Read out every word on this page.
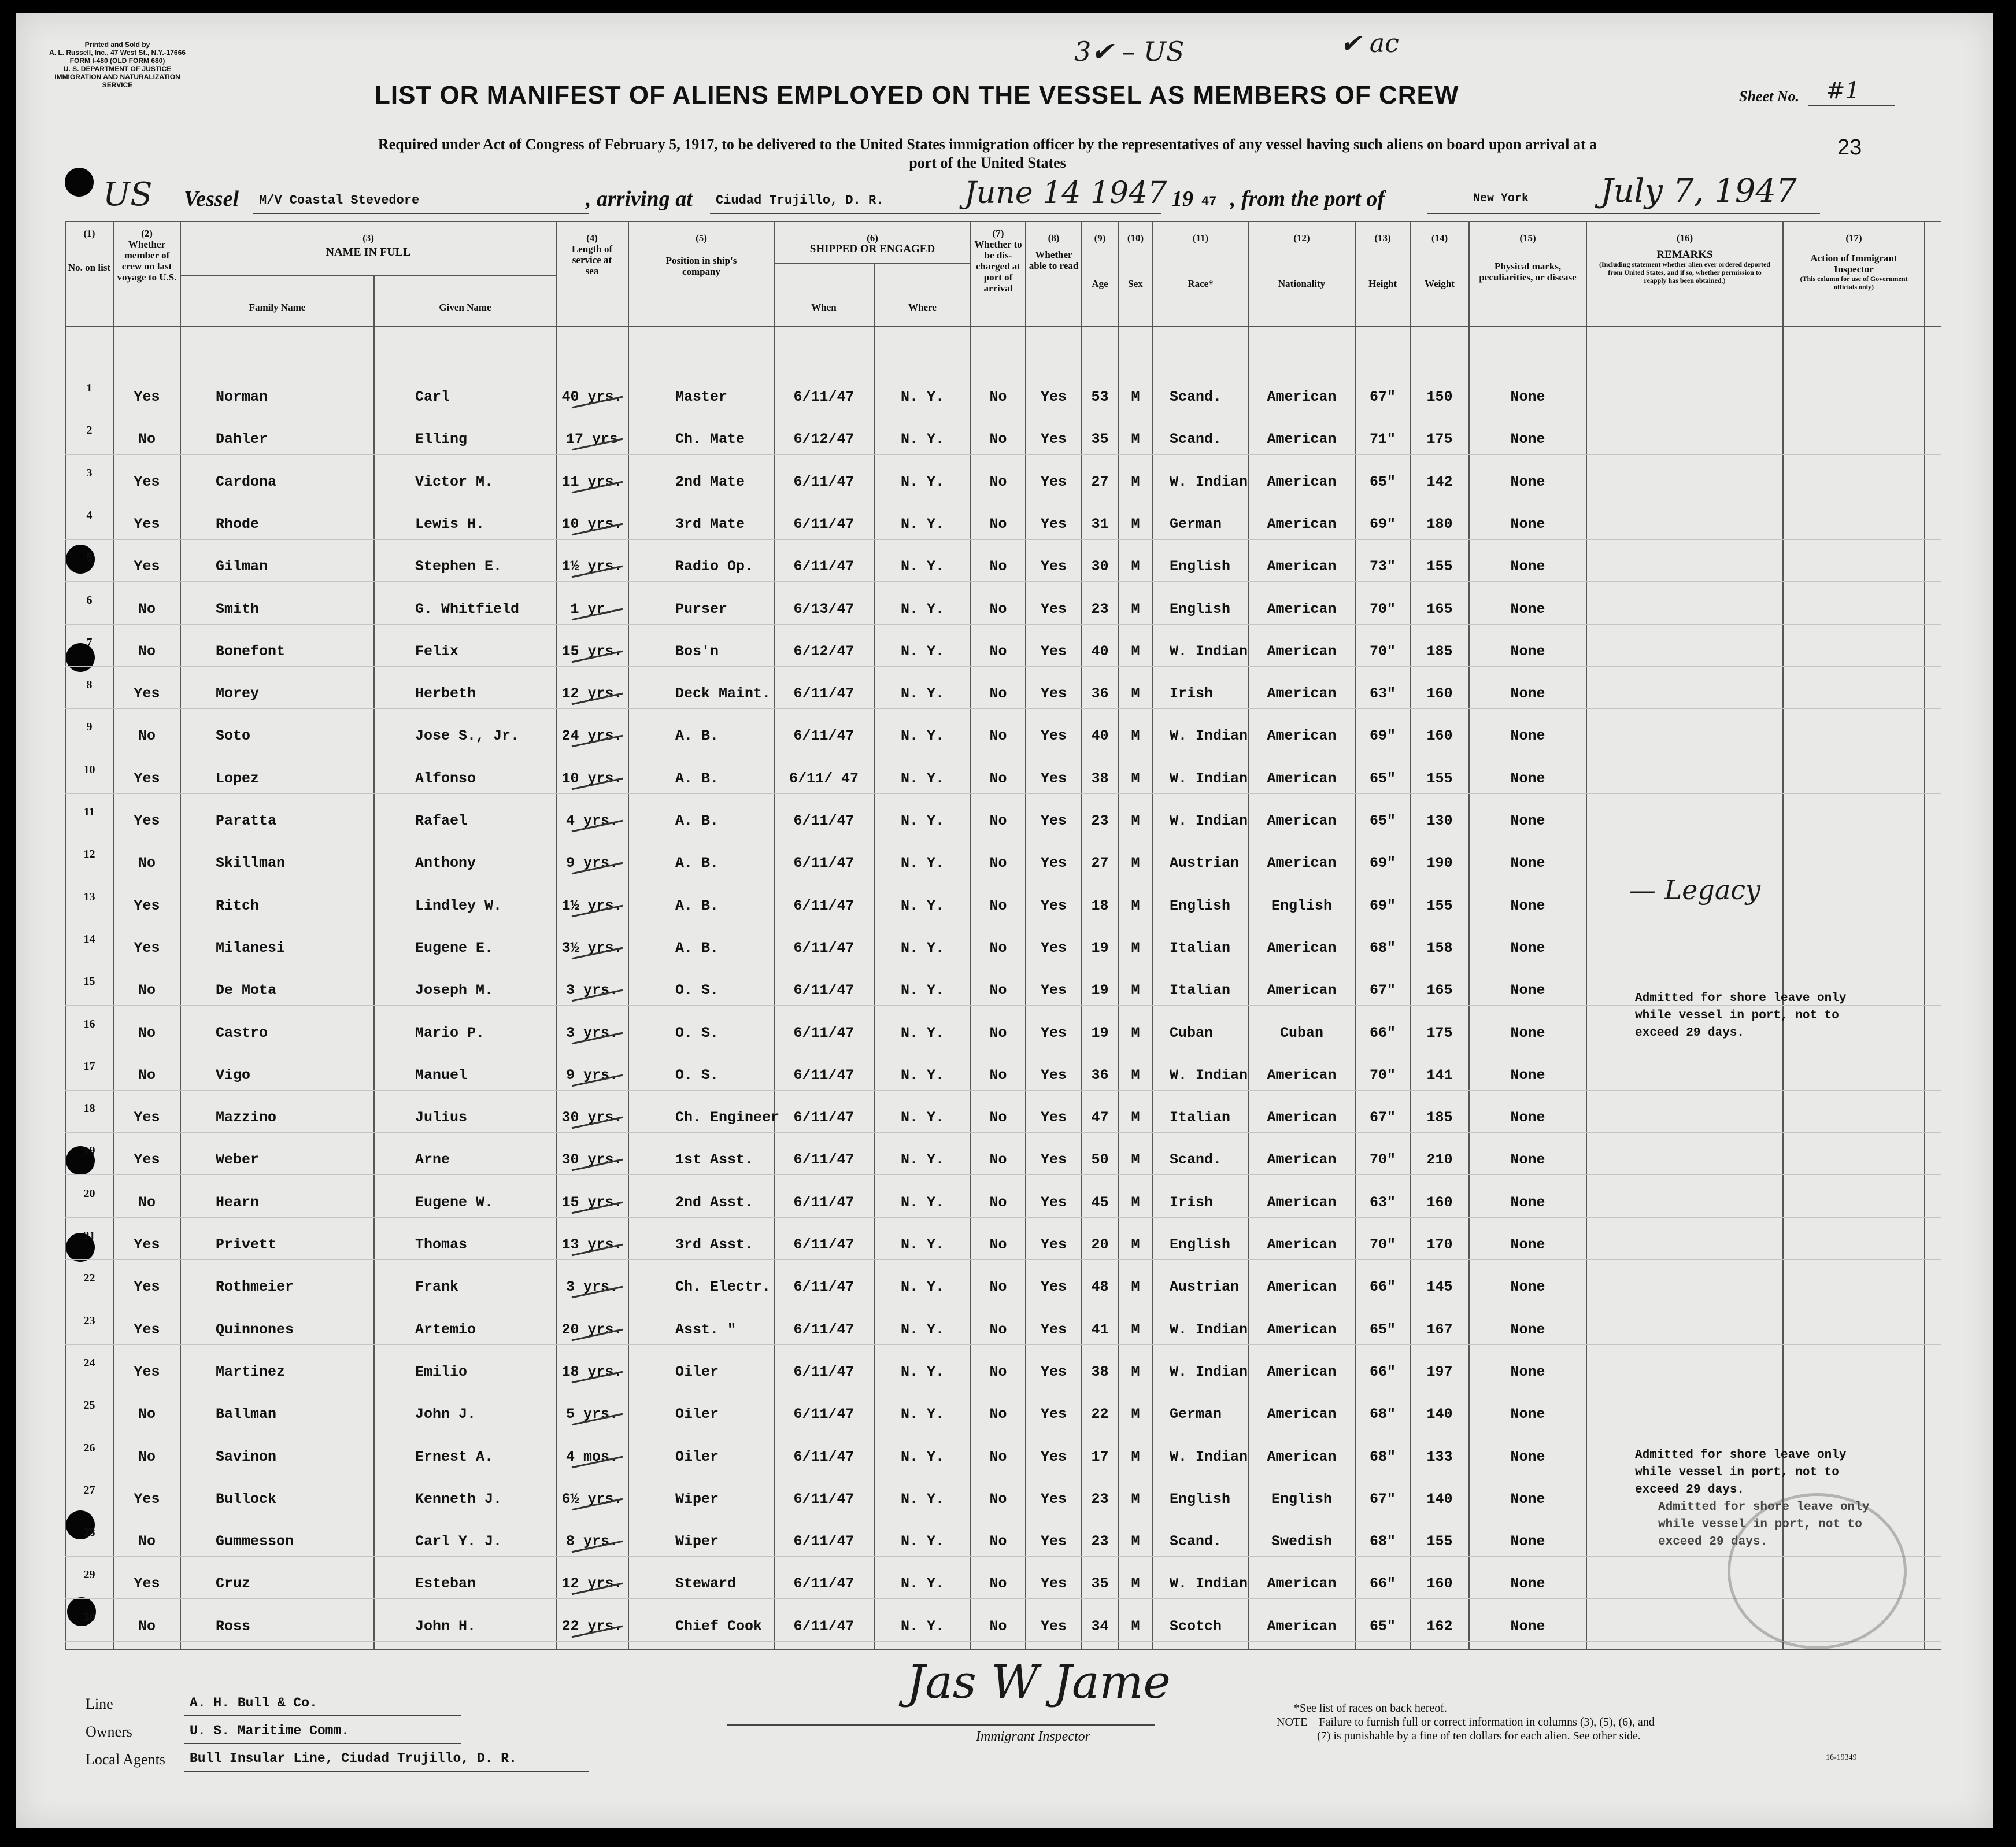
Printed and Sold by
A. L. Russell, Inc., 47 West St., N.Y.-17666
FORM I-480 (OLD FORM 680)
U. S. DEPARTMENT OF JUSTICE
IMMIGRATION AND NATURALIZATION SERVICE
3✔ – US	✔ ac
LIST OR MANIFEST OF ALIENS EMPLOYED ON THE VESSEL AS MEMBERS OF CREW	Sheet No. #1
Required under Act of Congress of February 5, 1917, to be delivered to the United States immigration officer by the representatives of any vessel having such aliens on board upon arrival at a
port of the United States
23
US Vessel M/V Coastal Stevedore	, arriving at Ciudad Trujillo, D. R.	June 14 1947 19 47 , from the port of	New York July 7, 1947
(1)
No. on list
(2)
Whether member of crew on last voyage to U.S.
(3)
NAME IN FULL
Family Name	Given Name
(4)
Length of service at sea
(5)
Position in ship's company
(6)
SHIPPED OR ENGAGED
When	Where
(7)
Whether to be dis-charged at port of arrival
(8)
Whether able to read
(9)
Age
(10)
Sex
(11)
Race*
(12)
Nationality
(13)
Height
(14)
Weight
(15)
Physical marks, peculiarities, or disease
(16)
REMARKS
(Including statement whether alien ever ordered deported from United States, and if so, whether permission to reapply has been obtained.)
(17)
Action of Immigrant Inspector
(This column for use of Government officials only)
1
Yes	Norman	Carl	40 yrs.	Master	6/11/47	N. Y.	No	Yes	53	M	Scand.	American	67"	150	None
2
No	Dahler	Elling	17 yrs	Ch. Mate	6/12/47	N. Y.	No	Yes	35	M	Scand.	American	71"	175	None
3
Yes	Cardona	Victor M.	11 yrs.	2nd Mate	6/11/47	N. Y.	No	Yes	27	M	W. Indian	American	65"	142	None
4
Yes	Rhode	Lewis H.	10 yrs.	3rd Mate	6/11/47	N. Y.	No	Yes	31	M	German	American	69"	180	None
5
Yes	Gilman	Stephen E.	1½ yrs.	Radio Op.	6/11/47	N. Y.	No	Yes	30	M	English	American	73"	155	None
6
No	Smith	G. Whitfield	1 yr.	Purser	6/13/47	N. Y.	No	Yes	23	M	English	American	70"	165	None
7
No	Bonefont	Felix	15 yrs.	Bos'n	6/12/47	N. Y.	No	Yes	40	M	W. Indian	American	70"	185	None
8
Yes	Morey	Herbeth	12 yrs.	Deck Maint.	6/11/47	N. Y.	No	Yes	36	M	Irish	American	63"	160	None
9
No	Soto	Jose S., Jr.	24 yrs.	A. B.	6/11/47	N. Y.	No	Yes	40	M	W. Indian	American	69"	160	None
10
Yes	Lopez	Alfonso	10 yrs.	A. B.	6/11/ 47	N. Y.	No	Yes	38	M	W. Indian	American	65"	155	None
11
Yes	Paratta	Rafael	4 yrs.	A. B.	6/11/47	N. Y.	No	Yes	23	M	W. Indian	American	65"	130	None
12
No	Skillman	Anthony	9 yrs.	A. B.	6/11/47	N. Y.	No	Yes	27	M	Austrian	American	69"	190	None
13
Yes	Ritch	Lindley W.	1½ yrs.	A. B.	6/11/47	N. Y.	No	Yes	18	M	English	English	69"	155	None
14
Yes	Milanesi	Eugene E.	3½ yrs.	A. B.	6/11/47	N. Y.	No	Yes	19	M	Italian	American	68"	158	None
15
No	De Mota	Joseph M.	3 yrs.	O. S.	6/11/47	N. Y.	No	Yes	19	M	Italian	American	67"	165	None
16
No	Castro	Mario P.	3 yrs.	O. S.	6/11/47	N. Y.	No	Yes	19	M	Cuban	Cuban	66"	175	None
17
No	Vigo	Manuel	9 yrs.	O. S.	6/11/47	N. Y.	No	Yes	36	M	W. Indian	American	70"	141	None
18
Yes	Mazzino	Julius	30 yrs.	Ch. Engineer 6/11/47	N. Y.	No	Yes	47	M	Italian	American	67"	185	None
19
Yes	Weber	Arne	30 yrs.	1st Asst.	6/11/47	N. Y.	No	Yes	50	M	Scand.	American	70"	210	None
20
No	Hearn	Eugene W.	15 yrs.	2nd Asst.	6/11/47	N. Y.	No	Yes	45	M	Irish	American	63"	160	None
21
Yes	Privett	Thomas	13 yrs.	3rd Asst.	6/11/47	N. Y.	No	Yes	20	M	English	American	70"	170	None
22
Yes	Rothmeier	Frank	3 yrs.	Ch. Electr.	6/11/47	N. Y.	No	Yes	48	M	Austrian	American	66"	145	None
23
Yes	Quinnones	Artemio	20 yrs.	Asst. "	6/11/47	N. Y.	No	Yes	41	M	W. Indian	American	65"	167	None
24
Yes	Martinez	Emilio	18 yrs.	Oiler	6/11/47	N. Y.	No	Yes	38	M	W. Indian	American	66"	197	None
25
No	Ballman	John J.	5 yrs.	Oiler	6/11/47	N. Y.	No	Yes	22	M	German	American	68"	140	None
26
No	Savinon	Ernest A.	4 mos.	Oiler	6/11/47	N. Y.	No	Yes	17	M	W. Indian	American	68"	133	None
27
Yes	Bullock	Kenneth J.	6½ yrs.	Wiper	6/11/47	N. Y.	No	Yes	23	M	English	English	67"	140	None
28
No	Gummesson	Carl Y. J.	8 yrs.	Wiper	6/11/47	N. Y.	No	Yes	23	M	Scand.	Swedish	68"	155	None
29
Yes	Cruz	Esteban	12 yrs.	Steward	6/11/47	N. Y.	No	Yes	35	M	W. Indian	American	66"	160	None
30
No	Ross	John H.	22 yrs.	Chief Cook	6/11/47	N. Y.	No	Yes	34	M	Scotch	American	65"	162	None
— Legacy
Admitted for shore leave only
while vessel in port, not to
exceed 29 days.
Admitted for shore leave only
while vessel in port, not to
exceed 29 days.
Admitted for shore leave only
while vessel in port, not to
exceed 29 days.
Line	A. H. Bull & Co.
Owners	U. S. Maritime Comm.
Local Agents Bull Insular Line, Ciudad Trujillo, D. R.
Jas W Jame
Immigrant Inspector
*See list of races on back hereof.
NOTE—Failure to furnish full or correct information in columns (3), (5), (6), and
(7) is punishable by a fine of ten dollars for each alien. See other side.
16-19349
